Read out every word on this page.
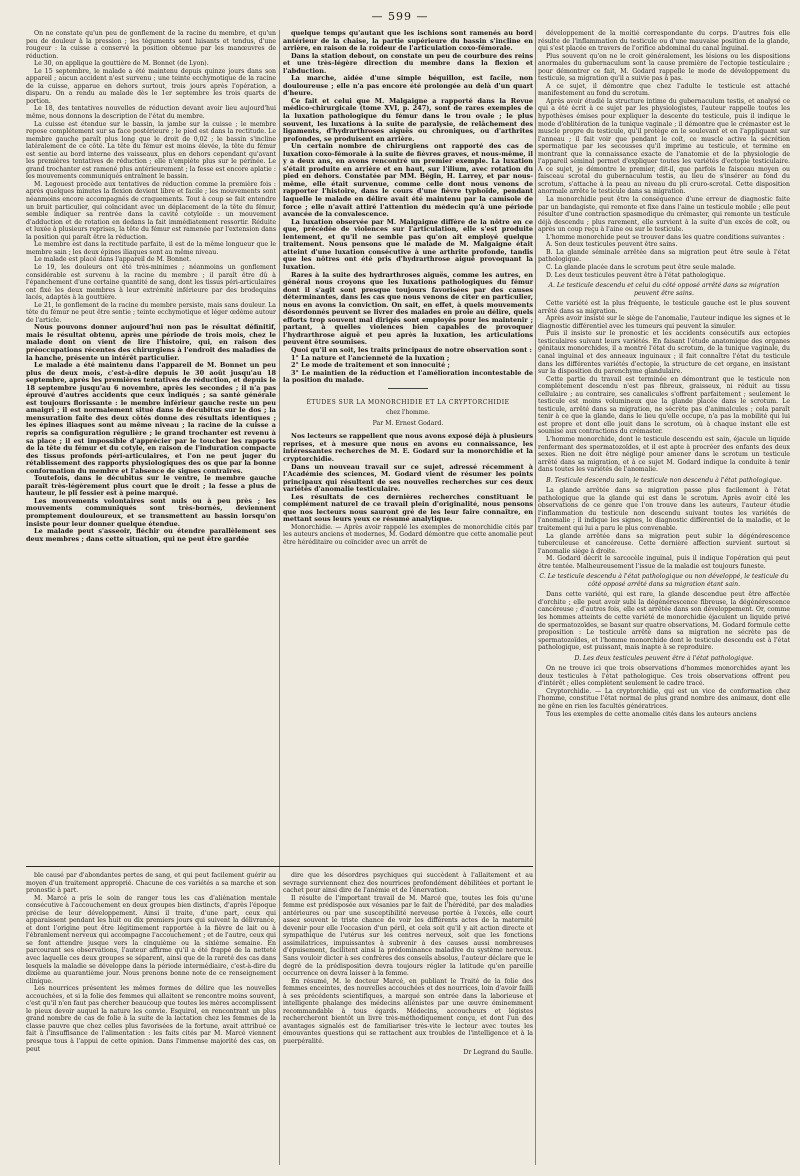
— 599 —

On ne constate qu'un peu de gonflement de la racine du membre, et qu'un peu de douleur à la pression ; les téguments sont luisants et tendus, d'une rougeur : la cuisse a conservé la position obtenue par les manœuvres de réduction.

Le 30, on applique la gouttière de M. Bonnet (de Lyon).

Le 15 septembre, le malade a été maintenu depuis quinze jours dans son appareil ; aucun accident n'est survenu ; une teinte ecchymotique de la racine de la cuisse, apparue en dehors surtout, trois jours après l'opération, a disparu. On a rendu au malade dès le 1er septembre les trois quarts de portion.

Le 18, des tentatives nouvelles de réduction devant avoir lieu aujourd'hui même, nous donnons la description de l'état du membre.

La cuisse est étendue sur le bassin, la jambe sur la cuisse ; le membre repose complétement sur sa face postérieure ; le pied est dans la rectitude. Le membre gauche paraît plus long que le droit de 0,02 ; le bassin s'incline latéralement de ce côté. La tête du fémur est moins élevée, la tête du fémur est sentie au bord interne des vaisseaux, plus en dehors cependant qu'avant les premières tentatives de réduction ; elle n'empiète plus sur le périnée. Le grand trochanter est ramené plus antérieurement ; la fesse est encore aplatie : les mouvements communiqués entraînent le bassin.

M. Legouest procède aux tentatives de réduction comme la première fois : après quelques minutes la flexion devient libre et facile ; les mouvements sont néanmoins encore accompagnés de craquements. Tout à coup se fait entendre un bruit particulier, qui coïncidant avec un déplacement de la tête du fémur, semble indiquer sa rentrée dans la cavité cotyloïde : un mouvement d'adduction et de rotation en dedans la fait immédiatement ressortir. Réduite et luxée à plusieurs reprises, la tête du fémur est ramenée par l'extension dans la position qui paraît être la réduction.

Le membre est dans la rectitude parfaite, il est de la même longueur que le membre sain ; les deux épines iliaques sont au même niveau.

Le malade est placé dans l'appareil de M. Bonnet.

Le 19, les douleurs ont été très-minimes ; néanmoins un gonflement considérable est survenu à la racine du membre ; il paraît être dû à l'épanchement d'une certaine quantité de sang, dont les tissus péri-articulaires ont fixé les deux membres à leur extrémité inférieure par des brodequins lacés, adaptés à la gouttière.

Le 21, le gonflement de la racine du membre persiste, mais sans douleur. La tête du fémur ne peut être sentie ; teinte ecchymotique et léger œdème autour de l'article.

Nous pouvons donner aujourd'hui non pas le résultat définitif, mais le résultat obtenu, après une période de trois mois, chez le malade dont on vient de lire l'histoire, qui, en raison des préoccupations récentes des chirurgiens à l'endroit des maladies de la hanche, présente un intérêt particulier.

Le malade a été maintenu dans l'appareil de M. Bonnet un peu plus de deux mois, c'est-à-dire depuis le 30 août jusqu'au 18 septembre, après les premières tentatives de réduction, et depuis le 18 septembre jusqu'au 6 novembre, après les secondes ; il n'a pas éprouvé d'autres accidents que ceux indiqués ; sa santé générale est toujours florissante : le membre inférieur gauche reste un peu amaigri ; il est normalement situé dans le décubitus sur le dos ; la mensuration faite des deux côtés donne des résultats identiques ; les épines iliaques sont au même niveau ; la racine de la cuisse a repris sa configuration régulière ; le grand trochanter est revenu à sa place ; il est impossible d'apprécier par le toucher les rapports de la tête du fémur et du cotyle, en raison de l'induration compacte des tissus profonds péri-articulaires, et l'on ne peut juger du rétablissement des rapports physiologiques des os que par la bonne conformation du membre et l'absence de signes contraires.

Toutefois, dans le décubitus sur le ventre, le membre gauche paraît très-légèrement plus court que le droit ; la fesse a plus de hauteur, le pli fessier est à peine marqué.

Les mouvements volontaires sont nuls ou à peu près ; les mouvements communiqués sont très-bornés, deviennent promptement douloureux, et se transmettent au bassin lorsqu'on insiste pour leur donner quelque étendue.

Le malade peut s'asseoir, fléchir ou étendre parallèlement ses deux membres ; dans cette situation, qui ne peut être gardée

quelque temps qu'autant que les ischions sont ramenés au bord antérieur de la chaise, la partie supérieure du bassin s'incline en arrière, en raison de la roideur de l'articulation coxo-fémorale.

Dans la station debout, on constate un peu de courbure des reins et une très-légère direction du membre dans la flexion et l'abduction.

La marche, aidée d'une simple béquillon, est facile, non douloureuse ; elle n'a pas encore été prolongée au delà d'un quart d'heure.

Ce fait et celui que M. Malgaigne a rapporté dans la Revue médico-chirurgicale (tome XVI, p. 247), sont de rares exemples de la luxation pathologique du fémur dans le trou ovale ; le plus souvent, les luxations à la suite de paralysie, de relâchement des ligaments, d'hydrarthroses aiguës ou chroniques, ou d'arthrites profondes, se produisent en arrière.

Un certain nombre de chirurgiens ont rapporté des cas de luxation coxo-fémorale à la suite de fièvres graves, et nous-même, il y a deux ans, en avons rencontré un premier exemple. La luxation s'était produite en arrière et en haut, sur l'ilium, avec rotation du pied en dehors. Constatée par MM. Bégin, H. Larrey, et par nous-même, elle était survenue, comme celle dont nous venons de rapporter l'histoire, dans le cours d'une fièvre typhoïde, pendant laquelle le malade en délire avait été maintenu par la camisole de force ; elle n'avait attiré l'attention du médecin qu'à une période avancée de la convalescence.

La luxation observée par M. Malgaigne diffère de la nôtre en ce que, précédée de violences sur l'articulation, elle s'est produite lentement, et qu'il ne semble pas qu'on ait employé quelque traitement. Nous pensons que le malade de M. Malgaigne était atteint d'une luxation consécutive à une arthrite profonde, tandis que les nôtres ont été pris d'hydrarthrose aiguë provoquant la luxation.

Rares à la suite des hydrarthroses aiguës, comme les autres, en général nous croyons que les luxations pathologiques du fémur dont il s'agit sont presque toujours favorisées par des causes déterminantes, dans les cas que nous venons de citer en particulier, nous en avons la conviction. On sait, en effet, à quels mouvements désordonnés peuvent se livrer des malades en proie au délire, quels efforts trop souvent mal dirigés sont employés pour les maintenir ; partant, à quelles violences bien capables de provoquer l'hydrarthrose aiguë et peu après la luxation, les articulations peuvent être soumises.

Quoi qu'il en soit, les traits principaux de notre observation sont :

1° La nature et l'ancienneté de la luxation ;

2° Le mode de traitement et son innocuité ;

3° Le maintien de la réduction et l'amélioration incontestable de la position du malade.

ÉTUDES SUR LA MONORCHIDIE ET LA CRYPTORCHIDIE

chez l'homme.

Par M. Ernest Godard.

Nos lecteurs se rappellent que nous avons exposé déjà à plusieurs reprises, et à mesure que nous en avons eu connaissance, les intéressantes recherches de M. E. Godard sur la monorchidie et la cryptorchidie.

Dans un nouveau travail sur ce sujet, adressé récemment à l'Académie des sciences, M. Godard vient de résumer les points principaux qui résultent de ses nouvelles recherches sur ces deux variétés d'anomalie testiculaire.

Les résultats de ces dernières recherches constituant le complément naturel de ce travail plein d'originalité, nous pensons que nos lecteurs nous sauront gré de les leur faire connaître, en mettant sous leurs yeux ce résumé analytique.

Monorchidie. — Après avoir rappelé les exemples de monorchidie cités par les auteurs anciens et modernes, M. Godard démontre que cette anomalie peut être héréditaire ou coïncider avec un arrêt de

développement de la moitié correspondante du corps. D'autres fois elle résulte de l'inflammation du testicule ou d'une mauvaise position de la glande, qui s'est placée en travers de l'orifice abdominal du canal inguinal.

Plus souvent qu'on ne le croit généralement, les lésions ou les dispositions anormales du gubernaculum sont la cause première de l'ectopie testiculaire ; pour démontrer ce fait, M. Godard rappelle le mode de développement du testicule, sa migration qu'il a suivie pas à pas.

A ce sujet, il démontre que chez l'adulte le testicule est attaché manifestement au fond du scrotum.

Après avoir étudié la structure intime du gubernaculum testis, et analysé ce qui a été écrit à ce sujet par les physiologistes, l'auteur rappelle toutes les hypothèses émises pour expliquer la descente du testicule, puis il indique le mode d'oblitération de la tunique vaginale ; il démontre que le crémaster est le muscle propre du testicule, qu'il protège en le soulevant et en l'appliquant sur l'anneau ; il fait voir que pendant le coït, ce muscle active la sécrétion spermatique par les secousses qu'il imprime au testicule, et termine en montrant que la connaissance exacte de l'anatomie et de la physiologie de l'appareil séminal permet d'expliquer toutes les variétés d'ectopie testiculaire. A ce sujet, je démontre le premier, dit-il, que parfois le faisceau moyen ou faisceau scrotal du gubernaculum testis, au lieu de s'insérer au fond du scrotum, s'attache à la peau au niveau du pli cruro-scrotal. Cette disposition anormale arrête le testicule dans sa migration.

La monorchidie peut être la conséquence d'une erreur de diagnostic faite par un bandagiste, qui remonte et fixe dans l'aine un testicule mobile ; elle peut résulter d'une contraction spasmodique du crémaster, qui remonte un testicule déjà descendu ; plus rarement, elle survient à la suite d'un excès de coït, ou après un coup reçu à l'aine ou sur le testicule.

L'homme monorchide peut se trouver dans les quatre conditions suivantes :

A. Son deux testicules peuvent être sains.

B. La glande séminale arrêtée dans sa migration peut être seule à l'état pathologique.

C. La glande placée dans le scrotum peut être seule malade.

D. Les deux testicules peuvent être à l'état pathologique.

A. Le testicule descendu et celui du côté opposé arrêté dans sa migration peuvent être sains.

Cette variété est la plus fréquente, le testicule gauche est le plus souvent arrêté dans sa migration.

Après avoir insisté sur le siège de l'anomalie, l'auteur indique les signes et le diagnostic différentiel avec les tumeurs qui peuvent la simuler.

Puis il insiste sur le pronostic et les accidents consécutifs aux ectopies testiculaires suivant leurs variétés. En faisant l'étude anatomique des organes génitaux monorchides, il a montré l'état du scrotum, de la tunique vaginale, du canal inguinal et des anneaux inguinaux ; il fait connaître l'état du testicule dans les différentes variétés d'ectopie, la structure de cet organe, en insistant sur la disposition du parenchyme glandulaire.

Cette partie du travail est terminée en démontrant que le testicule non complétement descendu n'est pas fibreux, graisseux, ni réduit au tissu cellulaire ; au contraire, ses canalicules s'offrent parfaitement ; seulement le testicule est moins volumineux que la glande placée dans le scrotum. Le testicule, arrêté dans sa migration, ne sécrète pas d'animalcules ; cela paraît tenir à ce que la glande, dans le lieu qu'elle occupe, n'a pas la mobilité qui lui est propre et dont elle jouit dans le scrotum, où à chaque instant elle est soumise aux contractions du crémaster.

L'homme monorchide, dont le testicule descendu est sain, éjacule un liquide renfermant des spermatozoïdes, et il est apte à procréer des enfants des deux sexes. Rien ne doit être négligé pour amener dans le scrotum un testicule arrêté dans sa migration, et à ce sujet M. Godard indique la conduite à tenir dans toutes les variétés de l'anomalie.

B. Testicule descendu sain, le testicule non descendu à l'état pathologique.

La glande arrêtée dans sa migration passe plus facilement à l'état pathologique que la glande qui est dans le scrotum. Après avoir cité les observations de ce genre que l'on trouve dans les auteurs, l'auteur étudie l'inflammation du testicule non descendu suivant toutes les variétés de l'anomalie ; il indique les signes, le diagnostic différentiel de la maladie, et le traitement qui lui a paru le plus convenable.

La glande arrêtée dans sa migration peut subir la dégénérescence tuberculeuse et cancéreuse. Cette dernière affection survient surtout si l'anomalie siège à droite.

M. Godard décrit le sarcocèle inguinal, puis il indique l'opération qui peut être tentée. Malheureusement l'issue de la maladie est toujours funeste.

C. Le testicule descendu à l'état pathologique ou non développé, le testicule du côté opposé arrêté dans sa migration étant sain.

Dans cette variété, qui est rare, la glande descendue peut être affectée d'orchite ; elle peut avoir subi la dégénérescence fibreuse, la dégénérescence cancéreuse ; d'autres fois, elle est arrêtée dans son développement. Or, comme les hommes atteints de cette variété de monorchidie éjaculent un liquide privé de spermatozoïdes, se basant sur quatre observations, M. Godard formule cette proposition : Le testicule arrêté dans sa migration ne sécrète pas de spermatozoïdes, et l'homme monorchide dont le testicule descendu est à l'état pathologique, est puissant, mais inapte à se reproduire.

D. Les deux testicules peuvent être à l'état pathologique.

On ne trouve ici que trois observations d'hommes monorchides ayant les deux testicules à l'état pathologique. Ces trois observations offrent peu d'intérêt ; elles complètent seulement le cadre tracé.

Cryptorchidie. — La cryptorchidie, qui est un vice de conformation chez l'homme, constitue l'état normal de plus grand nombre des animaux, dont elle ne gêne en rien les facultés génératrices.

Tous les exemples de cette anomalie cités dans les auteurs anciens

ble causé par d'abondantes pertes de sang, et qui peut facilement guérir au moyen d'un traitement approprié. Chacune de ces variétés a sa marche et son pronostic à part.

M. Marcé a pris le soin de ranger tous les cas d'aliénation mentale consécutive à l'accouchement en deux groupes bien distincts, d'après l'époque précise de leur développement. Ainsi il traite, d'une part, ceux qui apparaissent pendant les huit ou dix premiers jours qui suivent la délivrance, et dont l'origine peut être légitimement rapportée à la fièvre de lait ou à l'ébranlement nerveux qui accompagne l'accouchement ; et de l'autre, ceux qui se font attendre jusque vers la cinquième ou la sixième semaine. En parcourant ses observations, l'auteur affirme qu'il a été frappé de la netteté avec laquelle ces deux groupes se séparent, ainsi que de la rareté des cas dans lesquels la maladie se développe dans la période intermédiaire, c'est-à-dire du dixième au quarantième jour. Nous prenons bonne note de ce renseignement clinique.

Les nourrices présentent les mêmes formes de délire que les nouvelles accouchées, et si la folie des femmes qui allaitent se rencontre moins souvent, c'est qu'il n'en faut pas chercher beaucoup que toutes les mères accomplissent le pieux devoir auquel la nature les convie. Esquirol, en rencontrant un plus grand nombre de cas de folie à la suite de la lactation chez les femmes de la classe pauvre que chez celles plus favorisées de la fortune, avait attribué ce fait à l'insuffisance de l'alimentation : les faits cités par M. Marcé viennent presque tous à l'appui de cette opinion. Dans l'immense majorité des cas, on peut

dire que les désordres psychiques qui succèdent à l'allaitement et au sevrage surviennent chez des nourrices profondément débilitées et portant le cachet pour ainsi dire de l'anémie et de l'énervation.

Il résulte de l'important travail de M. Marcé que, toutes les fois qu'une femme est prédisposée aux vésanies par le fait de l'hérédité, par des maladies antérieures ou par une susceptibilité nerveuse portée à l'excès, elle court assez souvent le triste chance de voir les différents actes de la maternité devenir pour elle l'occasion d'un péril, et cela soit qu'il y ait action directe et sympathique de l'utérus sur les centres nerveux, soit que les fonctions assimilatrices, impuissantes à subvenir à des causes aussi nombreuses d'épuisement, facilitent ainsi la prédominance maladive du système nerveux. Sans vouloir dicter à ses confrères des conseils absolus, l'auteur déclare que le degré de la prédisposition devra toujours régler la latitude qu'en pareille occurrence on devra laisser à la femme.

En résumé, M. le docteur Marcé, en publiant le Traité de la folie des femmes enceintes, des nouvelles accouchées et des nourrices, loin d'avoir failli à ses précédents scientifiques, a marqué son entrée dans la laborieuse et intelligente phalange des médecins aliénistes par une œuvre éminemment recommandable à tous égards. Médecins, accoucheurs et légistes rechercheront bientôt un livre très-méthodiquement conçu, et dont l'un des avantages signalés est de familiariser très-vite le lecteur avec toutes les émouvantes questions qui se rattachent aux troubles de l'intelligence et à la puerpéralité.

Dr Legrand du Saulle.
